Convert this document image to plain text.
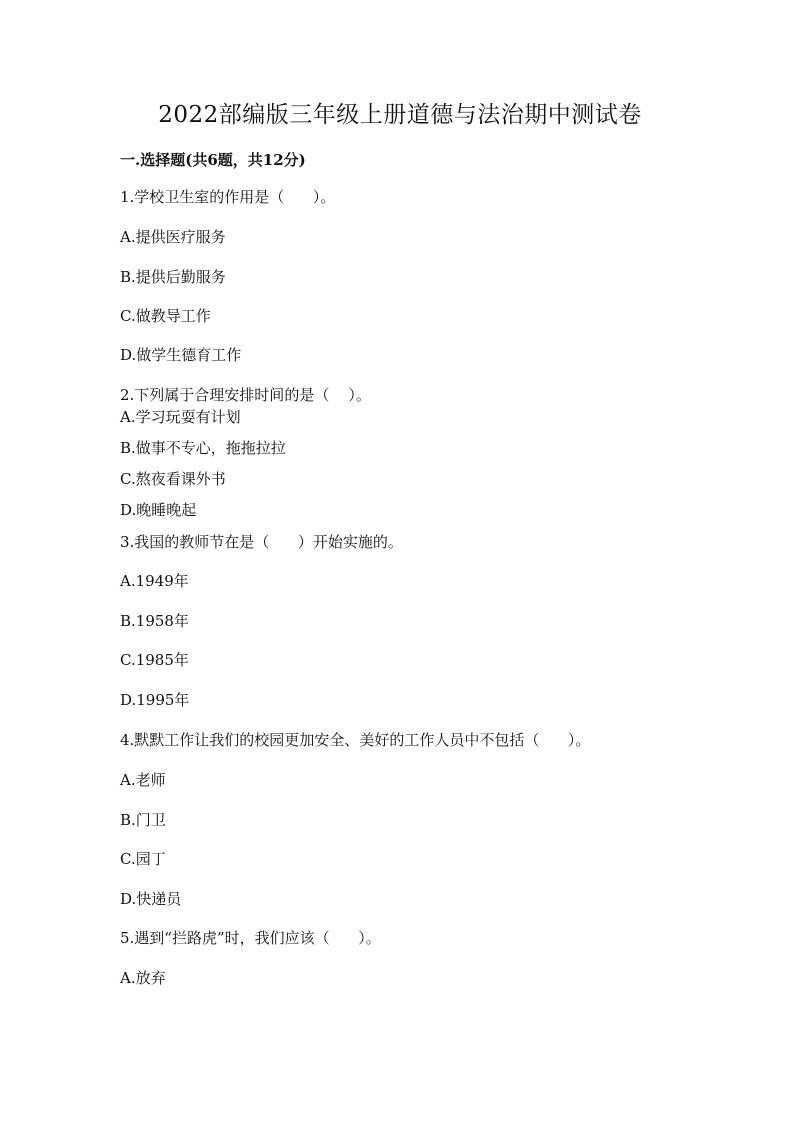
2022部编版三年级上册道德与法治期中测试卷
一.选择题(共6题，共12分)
1.学校卫生室的作用是（      ）。
A.提供医疗服务
B.提供后勤服务
C.做教导工作
D.做学生德育工作
2.下列属于合理安排时间的是（    ）。
A.学习玩耍有计划
B.做事不专心，拖拖拉拉
C.熬夜看课外书
D.晚睡晚起
3.我国的教师节在是（      ）开始实施的。
A.1949年
B.1958年
C.1985年
D.1995年
4.默默工作让我们的校园更加安全、美好的工作人员中不包括（      ）。
A.老师
B.门卫
C.园丁
D.快递员
5.遇到“拦路虎”时，我们应该（      ）。
A.放弃
